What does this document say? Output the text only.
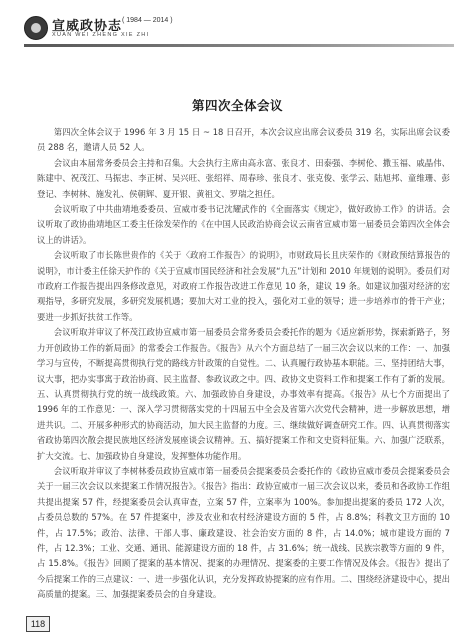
宣威政协志 ( 1984 — 2014 )
XUAN WEI ZHENG XIE ZHI
第四次全体会议

第四次全体会议于 1996 年 3 月 15 日 ~ 18 日召开，本次会议应出席会议委员 319 名，实际出席会议委员 288 名，邀请人员 52 人。

会议由本届常务委员会主持和召集。大会执行主席由高永富、张良才、田泰强、李树伦、撒玉福、戚晶伟、陈建中、祝茂江、马振忠、李正树、吴兴旺、张绍祥、周春珍、张良才、张克俊、张学云、陆旭邦、童维珊、彭登记、李树林、施发礼、侯朝辉、夏开银、黄祖文、罗瑞之担任。

会议听取了中共曲靖地委委员、宣威市委书记沈耀武作的《全面落实《规定》，做好政协工作》的讲话。会议听取了政协曲靖地区工委主任徐发荣作的《在中国人民政治协商会议云南省宣威市第一届委员会第四次全体会议上的讲话》。

会议听取了市长陈世贵作的《关于〈政府工作报告〉的说明》，市财政局长且庆荣作的《财政预结算报告的说明》，市计委主任徐天护作的《关于宣威市国民经济和社会发展“九五”计划和 2010 年规划的说明》。委员们对市政府工作报告提出四条修改意见，对政府工作报告改进工作意见 10 条，建议 19 条。如建议加强对经济的宏观指导，多研究发展，多研究发展机遇；要加大对工业的投入，强化对工业的领导；进一步培养市的骨干产业；要进一步抓好扶贫工作等。

会议听取并审议了杯茂江政协宣威市第一届委员会常务委员会委托作的题为《适应新形势，探索新路子，努力开创政协工作的新局面》的常委会工作报告。《报告》从六个方面总结了一届三次会议以来的工作：一、加强学习与宣传，不断提高贯彻执行党的路线方针政策的自觉性。二、认真履行政协基本职能。三、坚持团结大事，议大事，把办实事寓于政治协商、民主监督、参政议政之中。四、政协文史资料工作和提案工作有了新的发展。五、认真贯彻执行党的统一战线政策。六、加强政协自身建设，办事效率有提高。《报告》从七个方面提出了 1996 年的工作意见：一、深入学习贯彻落实党的十四届五中全会及省第六次党代会精神，进一步解放思想，增进共识。二、开展多种形式的协商活动，加大民主监督的力度。三、继续做好调查研究工作。四、认真贯彻落实省政协第四次散会提民族地区经济发展座谈会议精神。五、搞好提案工作和文史资料征集。六、加强广泛联系，扩大交流。七、加强政协自身建设，发挥整体功能作用。

会议听取并审议了李树林委员政协宣威市第一届委员会提案委员会委托作的《政协宣威市委员会提案委员会关于一届三次会议以来提案工作情况报告》。《报告》指出：政协宣威市一届三次会议以来，委员和各政协工作组共提出提案 57 件，经提案委员会认真审查，立案 57 件，立案率为 100%。参加提出提案的委员 172 人次，占委员总数的 57%。在 57 件提案中，涉及农业和农村经济建设方面的 5 件，占 8.8%；科教文卫方面的 10 件，占 17.5%；政治、法律、干部人事、廉政建设、社会治安方面的 8 件，占 14.0%；城市建设方面的 7 件，占 12.3%；工业、交通、通讯、能源建设方面的 18 件，占 31.6%；统一战线、民族宗教等方面的 9 件，占 15.8%。《报告》回顾了提案的基本情况、提案的办理情况、提案委的主要工作情况及体会。《报告》提出了今后提案工作的三点建议：一、进一步强化认识，充分发挥政协提案的应有作用。二、围绕经济建设中心，提出高质量的提案。三、加强提案委员会的自身建设。

118
